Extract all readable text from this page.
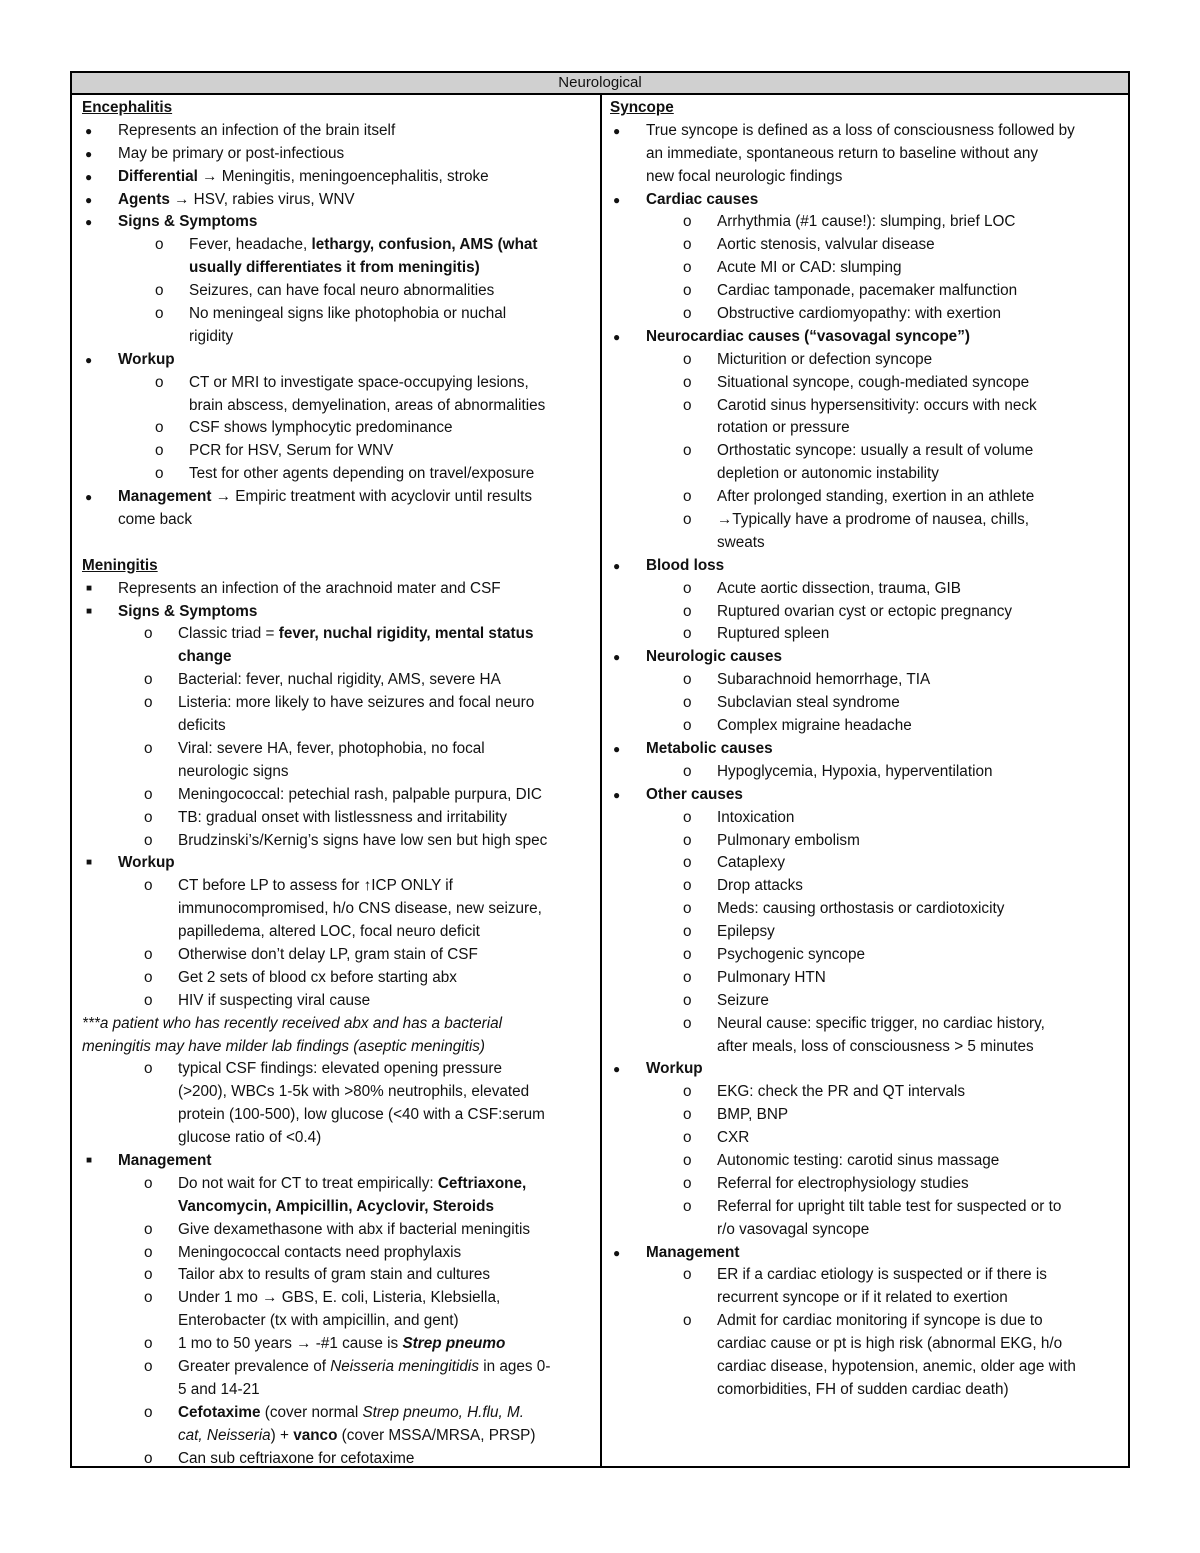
Neurological
Encephalitis
● Represents an infection of the brain itself
● May be primary or post-infectious
● Differential → Meningitis, meningoencephalitis, stroke
● Agents → HSV, rabies virus, WNV
● Signs & Symptoms
o Fever, headache, lethargy, confusion, AMS (what
usually differentiates it from meningitis)
o Seizures, can have focal neuro abnormalities
o No meningeal signs like photophobia or nuchal
rigidity
● Workup
o CT or MRI to investigate space-occupying lesions,
brain abscess, demyelination, areas of abnormalities
o CSF shows lymphocytic predominance
o PCR for HSV, Serum for WNV
o Test for other agents depending on travel/exposure
● Management → Empiric treatment with acyclovir until results
come back
Meningitis
■ Represents an infection of the arachnoid mater and CSF
■ Signs & Symptoms
o Classic triad = fever, nuchal rigidity, mental status
change
o Bacterial: fever, nuchal rigidity, AMS, severe HA
o Listeria: more likely to have seizures and focal neuro
deficits
o Viral: severe HA, fever, photophobia, no focal
neurologic signs
o Meningococcal: petechial rash, palpable purpura, DIC
o TB: gradual onset with listlessness and irritability
o Brudzinski’s/Kernig’s signs have low sen but high spec
■ Workup
o CT before LP to assess for ↑ICP ONLY if
immunocompromised, h/o CNS disease, new seizure,
papilledema, altered LOC, focal neuro deficit
o Otherwise don’t delay LP, gram stain of CSF
o Get 2 sets of blood cx before starting abx
o HIV if suspecting viral cause
***a patient who has recently received abx and has a bacterial
meningitis may have milder lab findings (aseptic meningitis)
o typical CSF findings: elevated opening pressure
(>200), WBCs 1-5k with >80% neutrophils, elevated
protein (100-500), low glucose (<40 with a CSF:serum
glucose ratio of <0.4)
■ Management
o Do not wait for CT to treat empirically: Ceftriaxone,
Vancomycin, Ampicillin, Acyclovir, Steroids
o Give dexamethasone with abx if bacterial meningitis
o Meningococcal contacts need prophylaxis
o Tailor abx to results of gram stain and cultures
o Under 1 mo → GBS, E. coli, Listeria, Klebsiella,
Enterobacter (tx with ampicillin, and gent)
o 1 mo to 50 years → -#1 cause is Strep pneumo
o Greater prevalence of Neisseria meningitidis in ages 0-
5 and 14-21
o Cefotaxime (cover normal Strep pneumo, H.flu, M.
cat, Neisseria) + vanco (cover MSSA/MRSA, PRSP)
o Can sub ceftriaxone for cefotaxime
Syncope
● True syncope is defined as a loss of consciousness followed by
an immediate, spontaneous return to baseline without any
new focal neurologic findings
● Cardiac causes
o Arrhythmia (#1 cause!): slumping, brief LOC
o Aortic stenosis, valvular disease
o Acute MI or CAD: slumping
o Cardiac tamponade, pacemaker malfunction
o Obstructive cardiomyopathy: with exertion
● Neurocardiac causes (“vasovagal syncope”)
o Micturition or defection syncope
o Situational syncope, cough-mediated syncope
o Carotid sinus hypersensitivity: occurs with neck
rotation or pressure
o Orthostatic syncope: usually a result of volume
depletion or autonomic instability
o After prolonged standing, exertion in an athlete
o →Typically have a prodrome of nausea, chills,
sweats
● Blood loss
o Acute aortic dissection, trauma, GIB
o Ruptured ovarian cyst or ectopic pregnancy
o Ruptured spleen
● Neurologic causes
o Subarachnoid hemorrhage, TIA
o Subclavian steal syndrome
o Complex migraine headache
● Metabolic causes
o Hypoglycemia, Hypoxia, hyperventilation
● Other causes
o Intoxication
o Pulmonary embolism
o Cataplexy
o Drop attacks
o Meds: causing orthostasis or cardiotoxicity
o Epilepsy
o Psychogenic syncope
o Pulmonary HTN
o Seizure
o Neural cause: specific trigger, no cardiac history,
after meals, loss of consciousness > 5 minutes
● Workup
o EKG: check the PR and QT intervals
o BMP, BNP
o CXR
o Autonomic testing: carotid sinus massage
o Referral for electrophysiology studies
o Referral for upright tilt table test for suspected or to
r/o vasovagal syncope
● Management
o ER if a cardiac etiology is suspected or if there is
recurrent syncope or if it related to exertion
o Admit for cardiac monitoring if syncope is due to
cardiac cause or pt is high risk (abnormal EKG, h/o
cardiac disease, hypotension, anemic, older age with
comorbidities, FH of sudden cardiac death)
